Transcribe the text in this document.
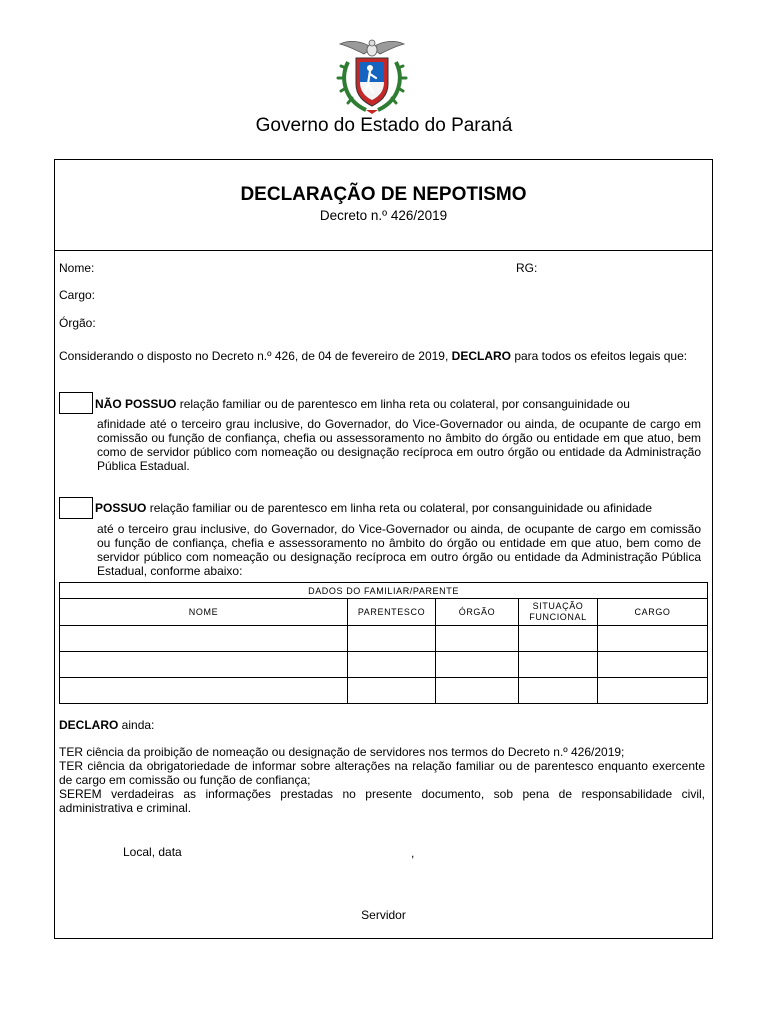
Governo do Estado do Paraná
DECLARAÇÃO DE NEPOTISMO
Decreto n.º 426/2019
Nome:	RG:
Cargo:
Órgão:
Considerando o disposto no Decreto n.º 426, de 04 de fevereiro de 2019, DECLARO para todos os efeitos legais que:
NÃO POSSUO relação familiar ou de parentesco em linha reta ou colateral, por consanguinidade ou
afinidade até o terceiro grau inclusive, do Governador, do Vice-Governador ou ainda, de ocupante de cargo em comissão ou função de confiança, chefia ou assessoramento no âmbito do órgão ou entidade em que atuo, bem como de servidor público com nomeação ou designação recíproca em outro órgão ou entidade da Administração Pública Estadual.
POSSUO relação familiar ou de parentesco em linha reta ou colateral, por consanguinidade ou afinidade
até o terceiro grau inclusive, do Governador, do Vice-Governador ou ainda, de ocupante de cargo em comissão ou função de confiança, chefia e assessoramento no âmbito do órgão ou entidade em que atuo, bem como de servidor público com nomeação ou designação recíproca em outro órgão ou entidade da Administração Pública Estadual, conforme abaixo:
DADOS DO FAMILIAR/PARENTE				
NOME	PARENTESCO	ÓRGÃO	SITUAÇÃO FUNCIONAL	CARGO

DECLARO ainda:
TER ciência da proibição de nomeação ou designação de servidores nos termos do Decreto n.º 426/2019;
TER ciência da obrigatoriedade de informar sobre alterações na relação familiar ou de parentesco enquanto exercente de cargo em comissão ou função de confiança;
SEREM verdadeiras as informações prestadas no presente documento, sob pena de responsabilidade civil, administrativa e criminal.
Local, data	,
Servidor
